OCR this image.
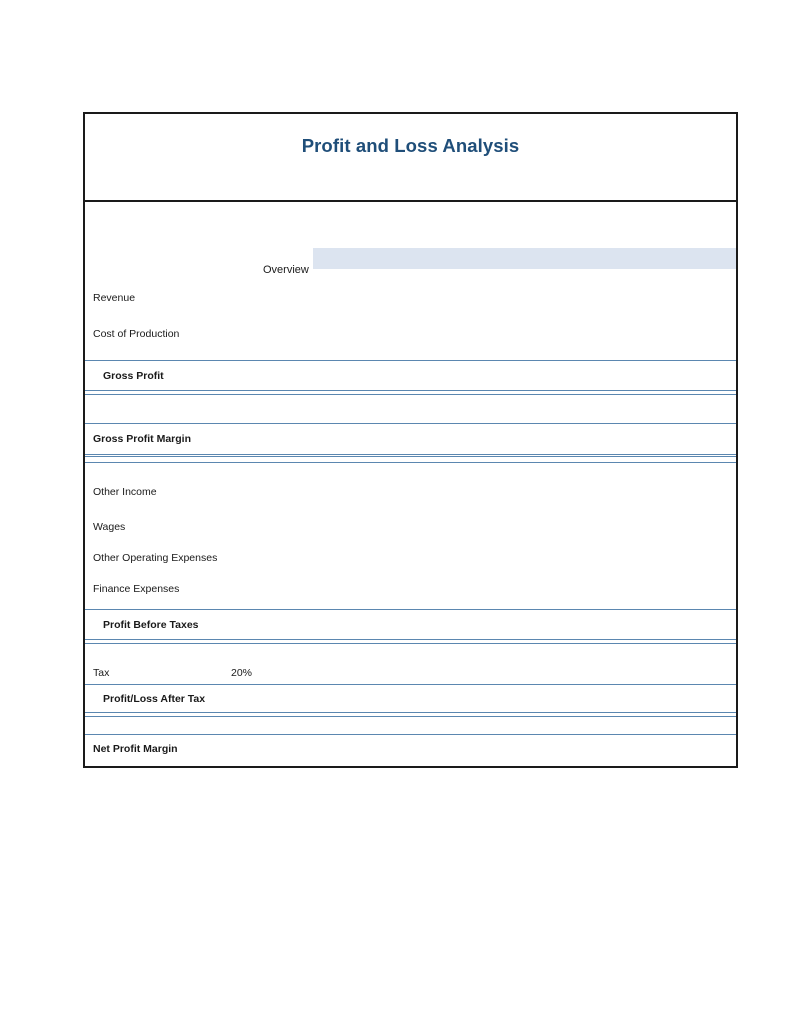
Profit and Loss Analysis
Overview
Revenue
Cost of Production
Gross Profit
Gross Profit Margin
Other Income
Wages
Other Operating Expenses
Finance Expenses
Profit Before Taxes
Tax	20%
Profit/Loss After Tax
Net Profit Margin
